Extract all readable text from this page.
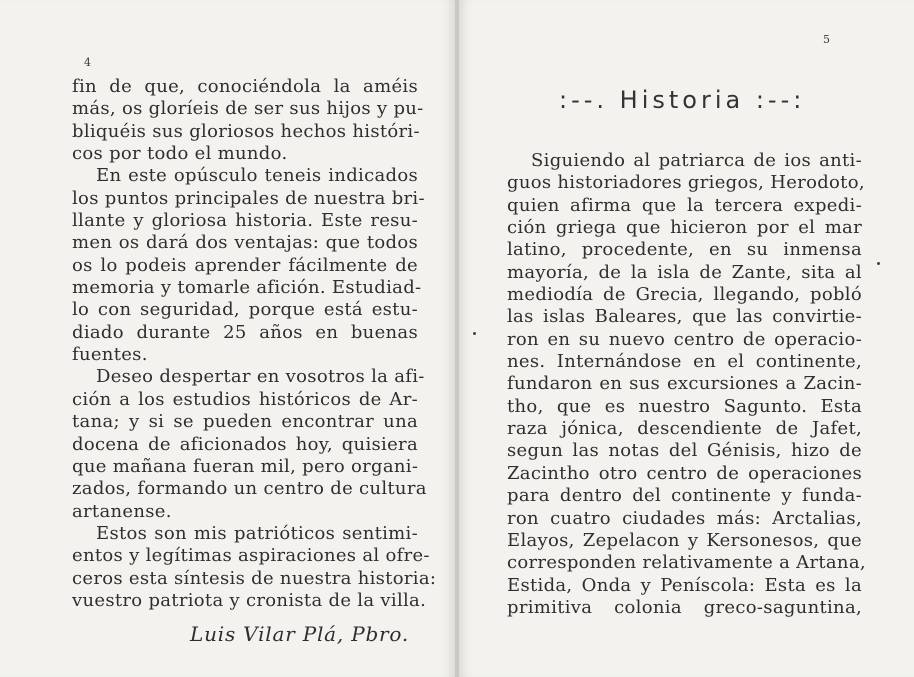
4
fin de que, conociéndola la améis
más, os gloríeis de ser sus hijos y pu-
bliquéis sus gloriosos hechos históri-
cos por todo el mundo.
En este opúsculo teneis indicados
los puntos principales de nuestra bri-
llante y gloriosa historia. Este resu-
men os dará dos ventajas: que todos
os lo podeis aprender fácilmente de
memoria y tomarle afición. Estudiad-
lo con seguridad, porque está estu-
diado durante 25 años en buenas
fuentes.
Deseo despertar en vosotros la afi-
ción a los estudios históricos de Ar-
tana; y si se pueden encontrar una
docena de aficionados hoy, quisiera
que mañana fueran mil, pero organi-
zados, formando un centro de cultura
artanense.
Estos son mis patrióticos sentimi-
entos y legítimas aspiraciones al ofre-
ceros esta síntesis de nuestra historia:
vuestro patriota y cronista de la villa.
Luis Vilar Plá, Pbro.
5
:--. Historia :--:
Siguiendo al patriarca de ios anti-
guos historiadores griegos, Herodoto,
quien afirma que la tercera expedi-
ción griega que hicieron por el mar
latino, procedente, en su inmensa
mayoría, de la isla de Zante, sita al
mediodía de Grecia, llegando, pobló
las islas Baleares, que las convirtie-
ron en su nuevo centro de operacio-
nes. Internándose en el continente,
fundaron en sus excursiones a Zacin-
tho, que es nuestro Sagunto. Esta
raza jónica, descendiente de Jafet,
segun las notas del Génisis, hizo de
Zacintho otro centro de operaciones
para dentro del continente y funda-
ron cuatro ciudades más: Arctalias,
Elayos, Zepelacon y Kersonesos, que
corresponden relativamente a Artana,
Estida, Onda y Peníscola: Esta es la
primitiva colonia greco-saguntina,
